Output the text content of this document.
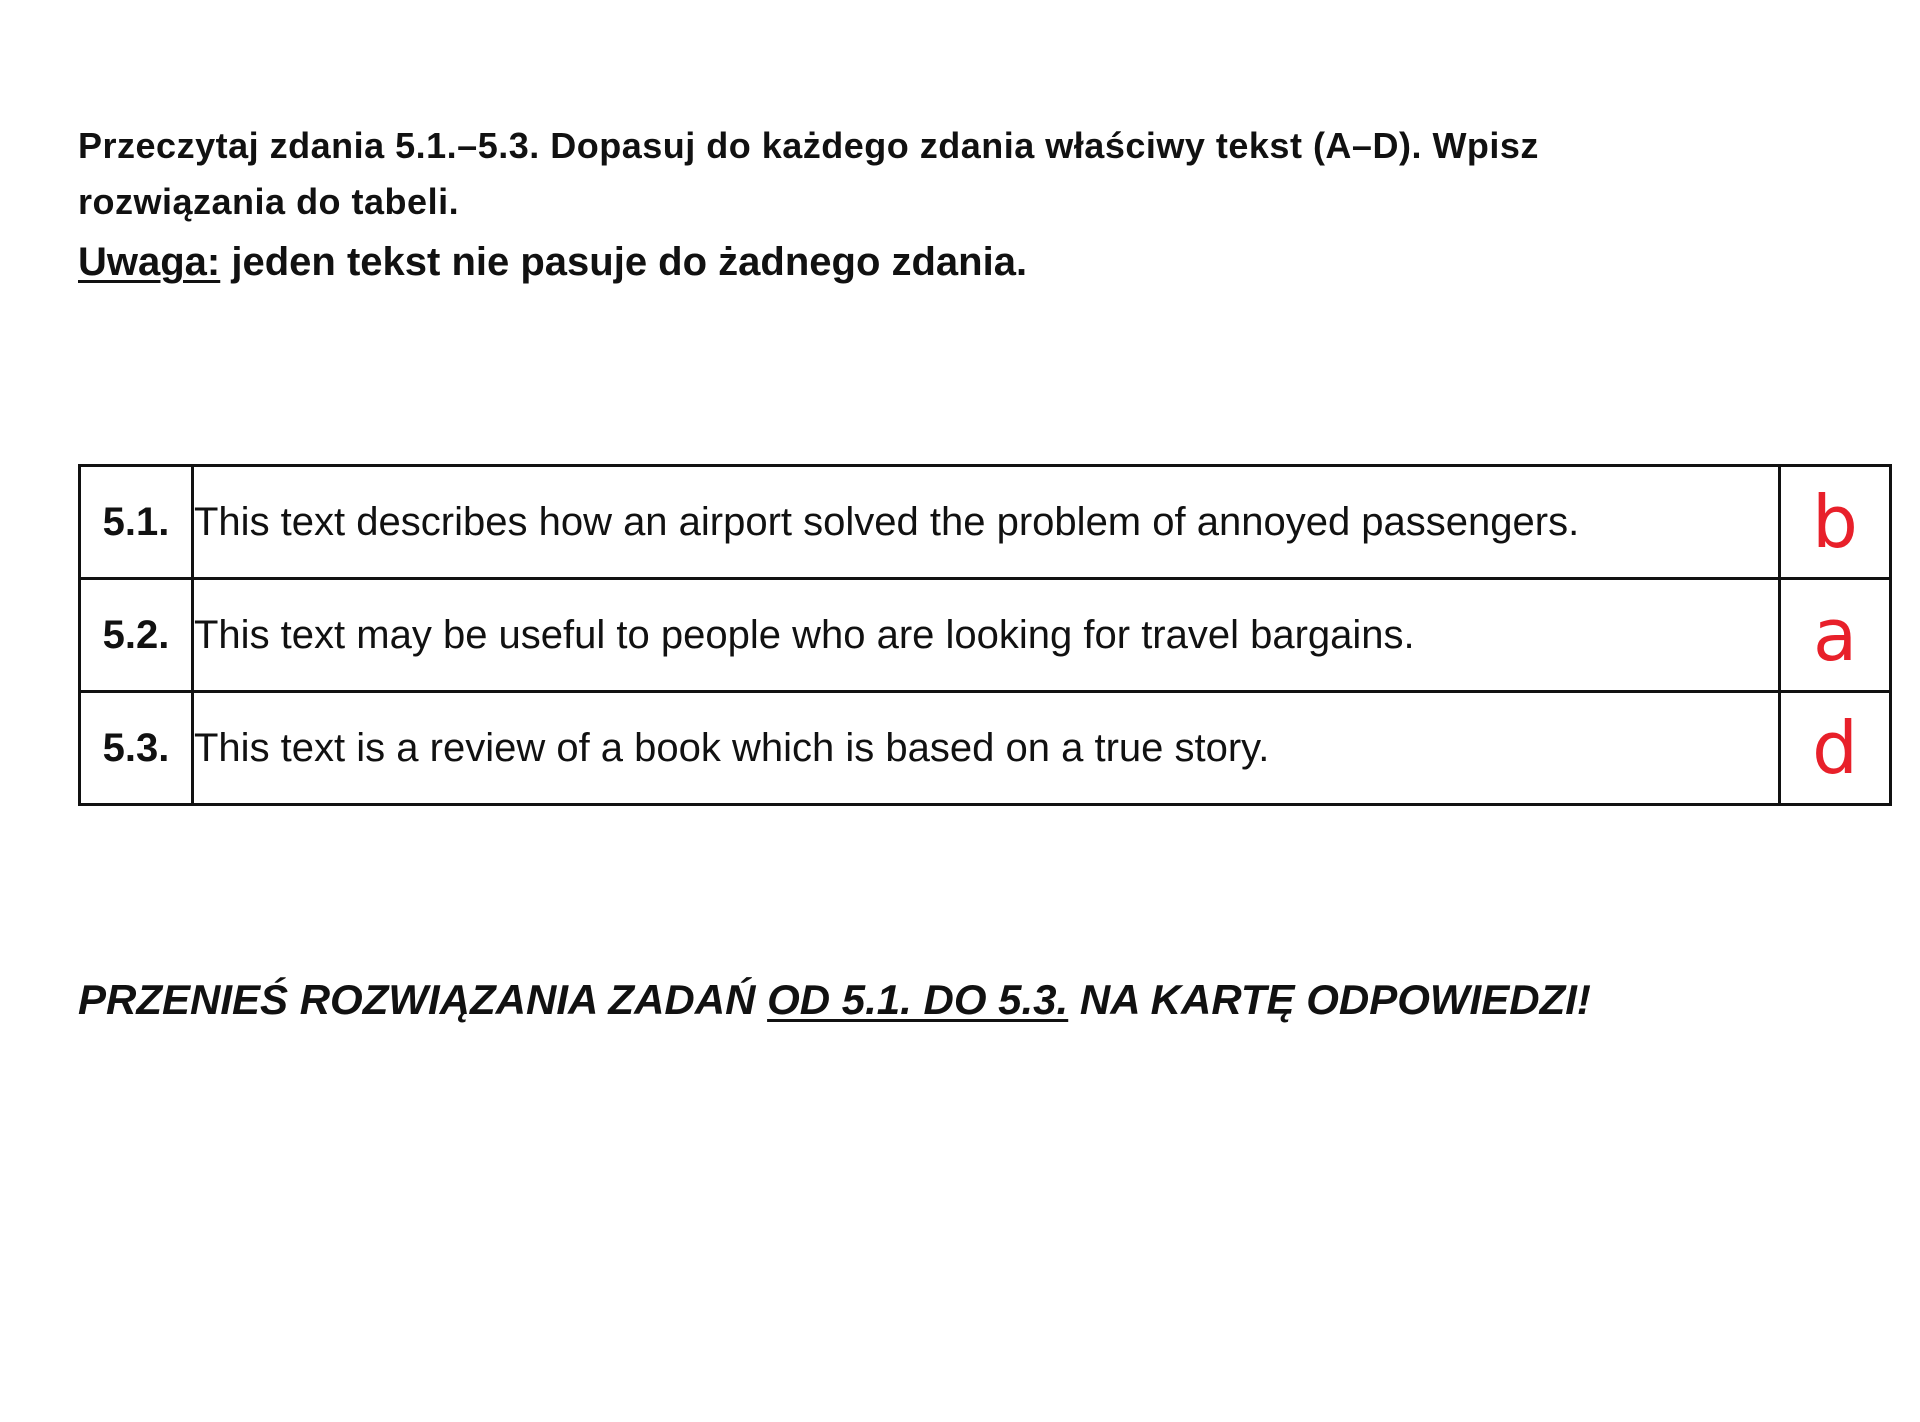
Przeczytaj zdania 5.1.–5.3. Dopasuj do każdego zdania właściwy tekst (A–D). Wpisz
rozwiązania do tabeli.
Uwaga: jeden tekst nie pasuje do żadnego zdania.
5.1.	This text describes how an airport solved the problem of annoyed passengers.	b
5.2.	This text may be useful to people who are looking for travel bargains.	a
5.3.	This text is a review of a book which is based on a true story.	d
PRZENIEŚ ROZWIĄZANIA ZADAŃ OD 5.1. DO 5.3. NA KARTĘ ODPOWIEDZI!
